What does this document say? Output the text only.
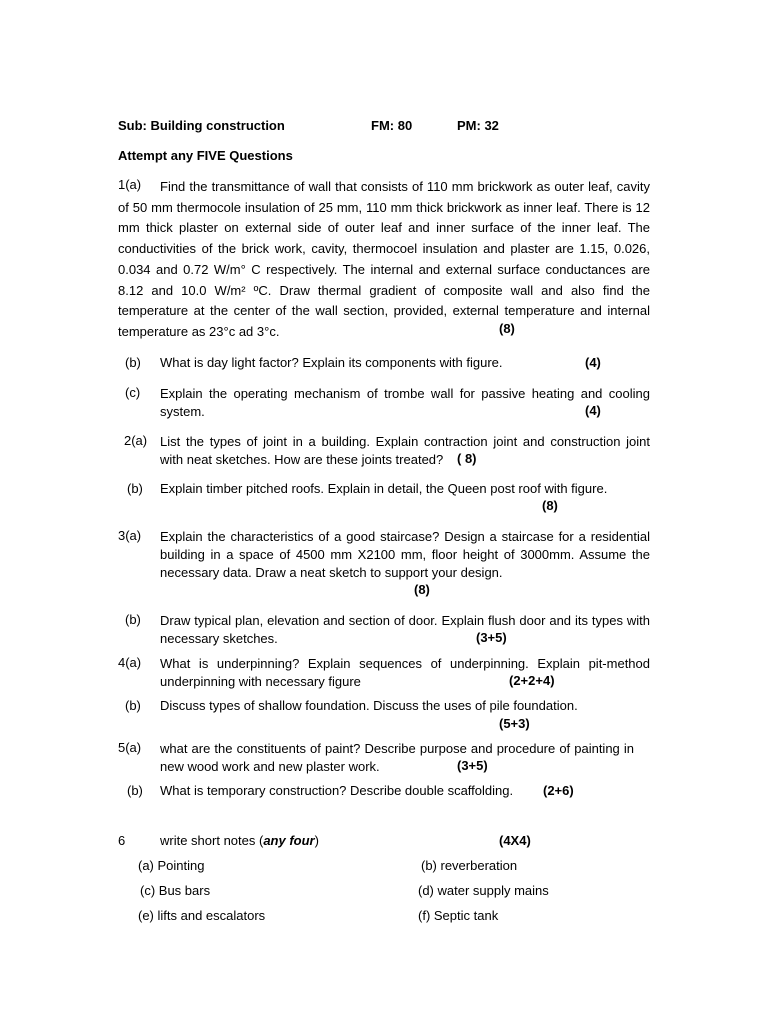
Sub: Building construction	FM: 80	PM: 32
Attempt any FIVE Questions
1(a)	Find the transmittance of wall that consists of 110 mm brickwork as outer leaf, cavity
of 50 mm thermocole insulation of 25 mm, 110 mm thick brickwork as inner leaf. There is 12
mm thick plaster on external side of outer leaf and inner surface of the inner leaf. The
conductivities of the brick work, cavity, thermocoel insulation and plaster are 1.15, 0.026,
0.034 and 0.72 W/m° C respectively. The internal and external surface conductances are
8.12 and 10.0 W/m² ºC. Draw thermal gradient of composite wall and also find the
temperature at the center of the wall section, provided, external temperature and internal
temperature as 23°c ad 3°c.	(8)
(b) What is day light factor? Explain its components with figure.	(4)
(c) Explain the operating mechanism of trombe wall for passive heating and cooling
system.	(4)
2(a) List the types of joint in a building. Explain contraction joint and construction joint
with neat sketches. How are these joints treated?	( 8)
(b) Explain timber pitched roofs. Explain in detail, the Queen post roof with figure.
(8)
3(a) Explain the characteristics of a good staircase? Design a staircase for a residential
building in a space of 4500 mm X2100 mm, floor height of 3000mm. Assume the
necessary data. Draw a neat sketch to support your design.
(8)
(b) Draw typical plan, elevation and section of door. Explain flush door and its types with
necessary sketches.	(3+5)
4(a) What is underpinning? Explain sequences of underpinning. Explain pit-method
underpinning with necessary figure	(2+2+4)
(b) Discuss types of shallow foundation. Discuss the uses of pile foundation.
(5+3)
5(a) what are the constituents of paint? Describe purpose and procedure of painting in
new wood work and new plaster work.	(3+5)
(b) What is temporary construction? Describe double scaffolding. (2+6)
6	write short notes (any four)	(4X4)
(a) Pointing	(b) reverberation
(c) Bus bars	(d) water supply mains
(e) lifts and escalators	(f) Septic tank
